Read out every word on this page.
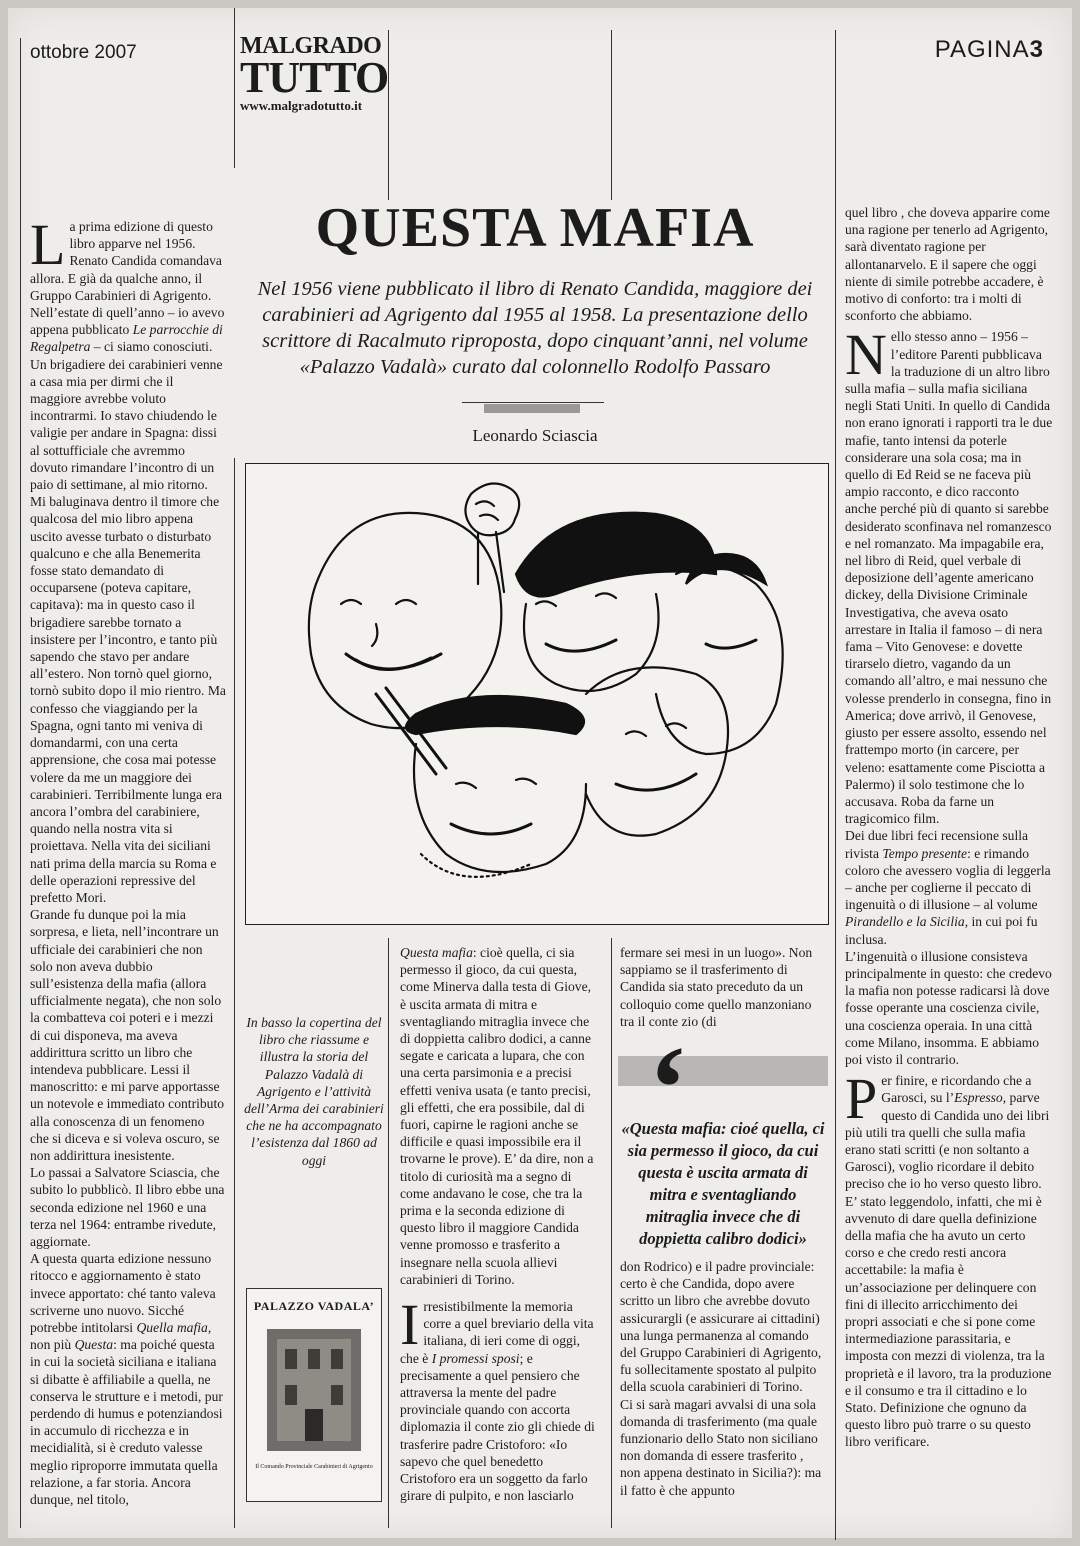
ottobre 2007	MALGRADO
TUTTO
www.malgradotutto.it
PAGINA3

La prima edizione di questo libro apparve nel 1956. Renato Candida comandava allora. E già da qualche anno, il Gruppo Carabinieri di Agrigento. Nell’estate di quell’anno – io avevo appena pubblicato Le parrocchie di Regalpetra – ci siamo conosciuti. Un brigadiere dei carabinieri venne a casa mia per dirmi che il maggiore avrebbe voluto incontrarmi. Io stavo chiudendo le valigie per andare in Spagna: dissi al sottufficiale che avremmo dovuto rimandare l’incontro di un paio di settimane, al mio ritorno. Mi baluginava dentro il timore che qualcosa del mio libro appena uscito avesse turbato o disturbato qualcuno e che alla Benemerita fosse stato demandato di occuparsene (poteva capitare, capitava): ma in questo caso il brigadiere sarebbe tornato a insistere per l’incontro, e tanto più sapendo che stavo per andare all’estero. Non tornò quel giorno, tornò subito dopo il mio rientro. Ma confesso che viaggiando per la Spagna, ogni tanto mi veniva di domandarmi, con una certa apprensione, che cosa mai potesse volere da me un maggiore dei carabinieri. Terribilmente lunga era ancora l’ombra del carabiniere, quando nella nostra vita si proiettava. Nella vita dei siciliani nati prima della marcia su Roma e delle operazioni repressive del prefetto Mori.

Grande fu dunque poi la mia sorpresa, e lieta, nell’incontrare un ufficiale dei carabinieri che non solo non aveva dubbio sull’esistenza della mafia (allora ufficialmente negata), che non solo la combatteva coi poteri e i mezzi di cui disponeva, ma aveva addirittura scritto un libro che intendeva pubblicare. Lessi il manoscritto: e mi parve apportasse un notevole e immediato contributo alla conoscenza di un fenomeno che si diceva e si voleva oscuro, se non addirittura inesistente.

Lo passai a Salvatore Sciascia, che subito lo pubblicò. Il libro ebbe una seconda edizione nel 1960 e una terza nel 1964: entrambe rivedute, aggiornate.

A questa quarta edizione nessuno ritocco e aggiornamento è stato invece apportato: ché tanto valeva scriverne uno nuovo. Sicché potrebbe intitolarsi Quella mafia, non più Questa: ma poiché questa in cui la società siciliana e italiana si dibatte è affiliabile a quella, ne conserva le strutture e i metodi, pur perdendo di humus e potenziandosi in accumulo di ricchezza e in mecidialità, si è creduto valesse meglio riproporre immutata quella relazione, a far storia. Ancora dunque, nel titolo,

QUESTA MAFIA
Nel 1956 viene pubblicato il libro di Renato Candida, maggiore dei carabinieri ad Agrigento dal 1955 al 1958. La presentazione dello scrittore di Racalmuto riproposta, dopo cinquant’anni, nel volume «Palazzo Vadalà» curato dal colonnello Rodolfo Passaro
Leonardo Sciascia
In basso la copertina del libro che riassume e illustra la storia del Palazzo Vadalà di Agrigento e l’attività dell’Arma dei carabinieri che ne ha accompagnato l’esistenza dal 1860 ad oggi
PALAZZO VADALA’
Il Comando Provinciale Carabinieri di Agrigento

Questa mafia: cioè quella, ci sia permesso il gioco, da cui questa, come Minerva dalla testa di Giove, è uscita armata di mitra e sventagliando mitraglia invece che di doppietta calibro dodici, a canne segate e caricata a lupara, che con una certa parsimonia e a precisi effetti veniva usata (e tanto precisi, gli effetti, che era possibile, dal di fuori, capirne le ragioni anche se difficile e quasi impossibile era il trovarne le prove). E’ da dire, non a titolo di curiosità ma a segno di come andavano le cose, che tra la prima e la seconda edizione di questo libro il maggiore Candida venne promosso e trasferito a insegnare nella scuola allievi carabinieri di Torino.

Irresistibilmente la memoria corre a quel breviario della vita italiana, di ieri come di oggi, che è I promessi sposi; e precisamente a quel pensiero che attraversa la mente del padre provinciale quando con accorta diplomazia il conte zio gli chiede di trasferire padre Cristoforo: «Io sapevo che quel benedetto Cristoforo era un soggetto da farlo girare di pulpito, e non lasciarlo

fermare sei mesi in un luogo». Non sappiamo se il trasferimento di Candida sia stato preceduto da un colloquio come quello manzoniano tra il conte zio (di

‘
«Questa mafia: cioé quella, ci sia permesso il gioco, da cui questa è uscita armata di mitra e sventagliando mitraglia invece che di doppietta calibro dodici»

don Rodrico) e il padre provinciale: certo è che Candida, dopo avere scritto un libro che avrebbe dovuto assicurargli (e assicurare ai cittadini) una lunga permanenza al comando del Gruppo Carabinieri di Agrigento, fu sollecitamente spostato al pulpito della scuola carabinieri di Torino.

Ci si sarà magari avvalsi di una sola domanda di trasferimento (ma quale funzionario dello Stato non siciliano non domanda di essere trasferito , non appena destinato in Sicilia?): ma il fatto è che appunto

quel libro , che doveva apparire come una ragione per tenerlo ad Agrigento, sarà diventato ragione per allontanarvelo. E il sapere che oggi niente di simile potrebbe accadere, è motivo di conforto: tra i molti di sconforto che abbiamo.

Nello stesso anno – 1956 – l’editore Parenti pubblicava la traduzione di un altro libro sulla mafia – sulla mafia siciliana negli Stati Uniti. In quello di Candida non erano ignorati i rapporti tra le due mafie, tanto intensi da poterle considerare una sola cosa; ma in quello di Ed Reid se ne faceva più ampio racconto, e dico racconto anche perché più di quanto si sarebbe desiderato sconfinava nel romanzesco e nel romanzato. Ma impagabile era, nel libro di Reid, quel verbale di deposizione dell’agente americano dickey, della Divisione Criminale Investigativa, che aveva osato arrestare in Italia il famoso – di nera fama – Vito Genovese: e dovette tirarselo dietro, vagando da un comando all’altro, e mai nessuno che volesse prenderlo in consegna, fino in America; dove arrivò, il Genovese, giusto per essere assolto, essendo nel frattempo morto (in carcere, per veleno: esattamente come Pisciotta a Palermo) il solo testimone che lo accusava. Roba da farne un tragicomico film.

Dei due libri feci recensione sulla rivista Tempo presente: e rimando coloro che avessero voglia di leggerla – anche per coglierne il peccato di ingenuità o di illusione – al volume Pirandello e la Sicilia, in cui poi fu inclusa.

L’ingenuità o illusione consisteva principalmente in questo: che credevo la mafia non potesse radicarsi là dove fosse operante una coscienza civile, una coscienza operaia. In una città come Milano, insomma. E abbiamo poi visto il contrario.

Per finire, e ricordando che a Garosci, su l’Espresso, parve questo di Candida uno dei libri più utili tra quelli che sulla mafia erano stati scritti (e non soltanto a Garosci), voglio ricordare il debito preciso che io ho verso questo libro. E’ stato leggendolo, infatti, che mi è avvenuto di dare quella definizione della mafia che ha avuto un certo corso e che credo resti ancora accettabile: la mafia è un’associazione per delinquere con fini di illecito arricchimento dei propri associati e che si pone come intermediazione parassitaria, e imposta con mezzi di violenza, tra la proprietà e il lavoro, tra la produzione e il consumo e tra il cittadino e lo Stato. Definizione che ognuno da questo libro può trarre o su questo libro verificare.
